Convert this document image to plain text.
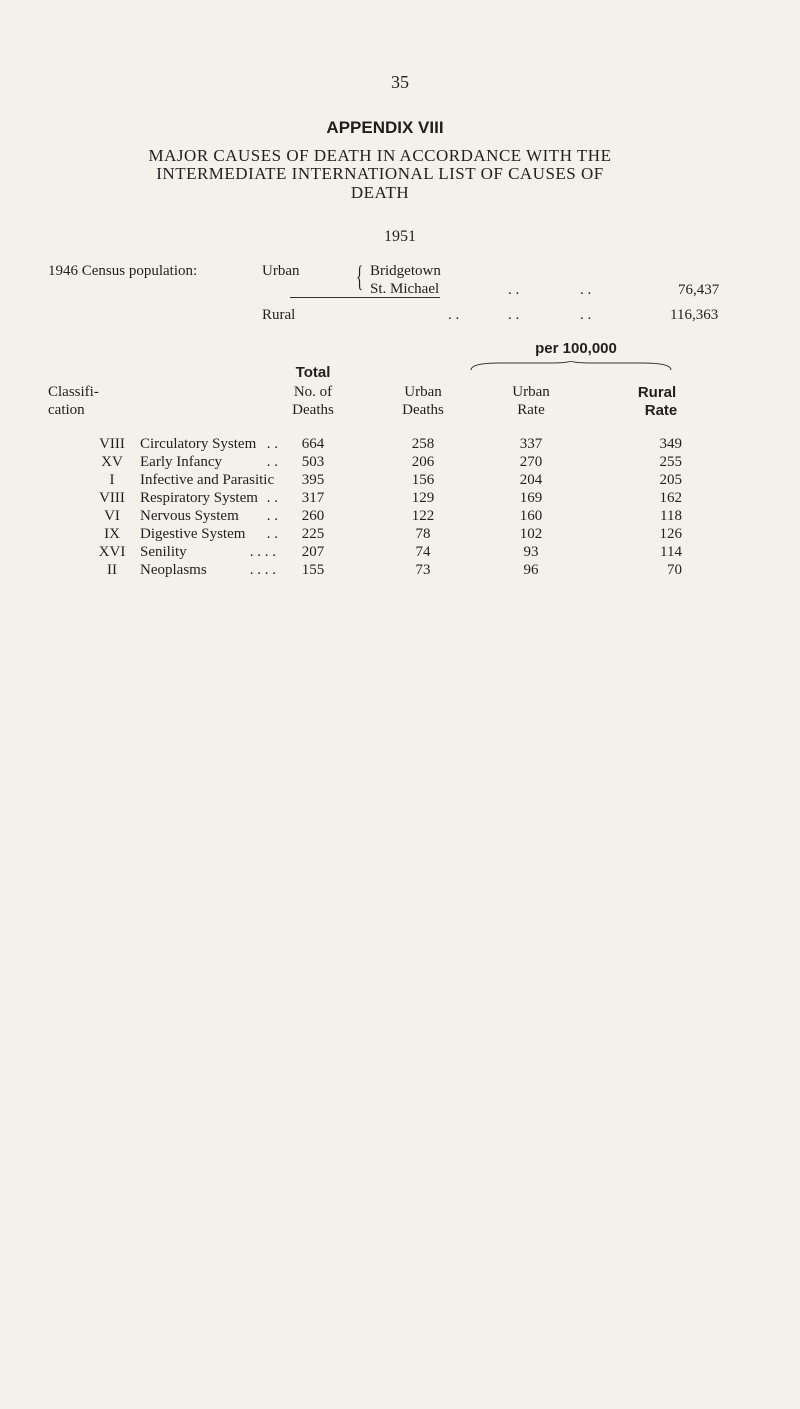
35
APPENDIX VIII
MAJOR CAUSES OF DEATH IN ACCORDANCE WITH THE
INTERMEDIATE INTERNATIONAL LIST OF CAUSES OF
DEATH
1951
1946 Census population:	Urban { Bridgetown
St. Michael	. .	. .	76,437
Rural	. .	. .	. .	116,363
Classifi-
cation
Total
No. of
Deaths
Urban
Deaths
per 100,000
Urban
Rate
Rural
Rate
VIII Circulatory System . .	664	258	337	349
XV Early Infancy	. .	503	206	270	255
I	Infective and Parasitic	395	156	204	205
VIII Respiratory System . .	317	129	169	162
VI	Nervous System	. .	260	122	160	118
IX	Digestive System	. .	225	78	102	126
XVI Senility	. . . .	207	74	93	114
II	Neoplasms	. . . .	155	73	96	70
